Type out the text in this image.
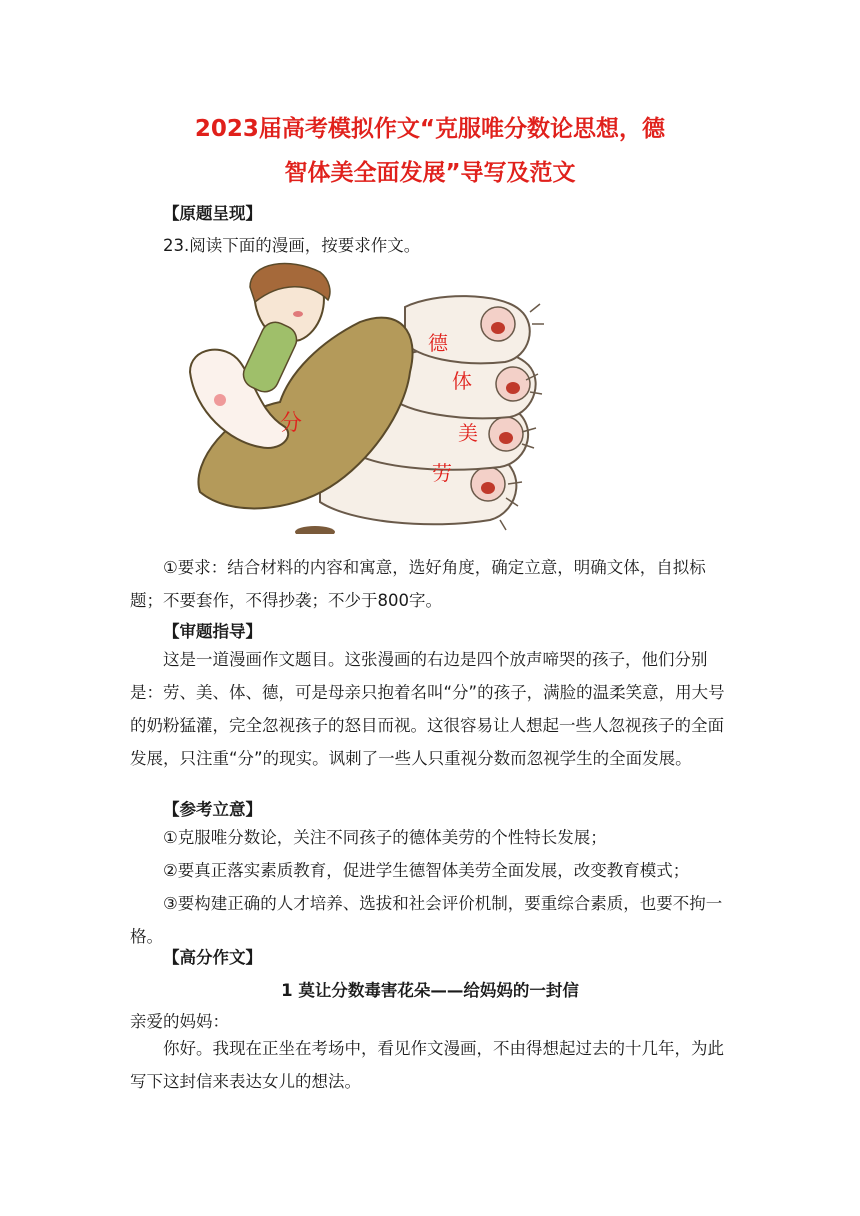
2023届高考模拟作文“克服唯分数论思想，德
智体美全面发展”导写及范文
【原题呈现】
23.阅读下面的漫画，按要求作文。
分
德
体
美
劳
①要求：结合材料的内容和寓意，选好角度，确定立意，明确文体，自拟标题；不要套作，不得抄袭；不少于800字。
【审题指导】
这是一道漫画作文题目。这张漫画的右边是四个放声啼哭的孩子，他们分别是：劳、美、体、德，可是母亲只抱着名叫“分”的孩子，满脸的温柔笑意，用大号的奶粉猛灌，完全忽视孩子的怒目而视。这很容易让人想起一些人忽视孩子的全面发展，只注重“分”的现实。讽刺了一些人只重视分数而忽视学生的全面发展。
【参考立意】
①克服唯分数论，关注不同孩子的德体美劳的个性特长发展；
②要真正落实素质教育，促进学生德智体美劳全面发展，改变教育模式；
③要构建正确的人才培养、选拔和社会评价机制，要重综合素质，也要不拘一格。
【高分作文】
1 莫让分数毒害花朵——给妈妈的一封信
亲爱的妈妈：
你好。我现在正坐在考场中，看见作文漫画，不由得想起过去的十几年，为此写下这封信来表达女儿的想法。
